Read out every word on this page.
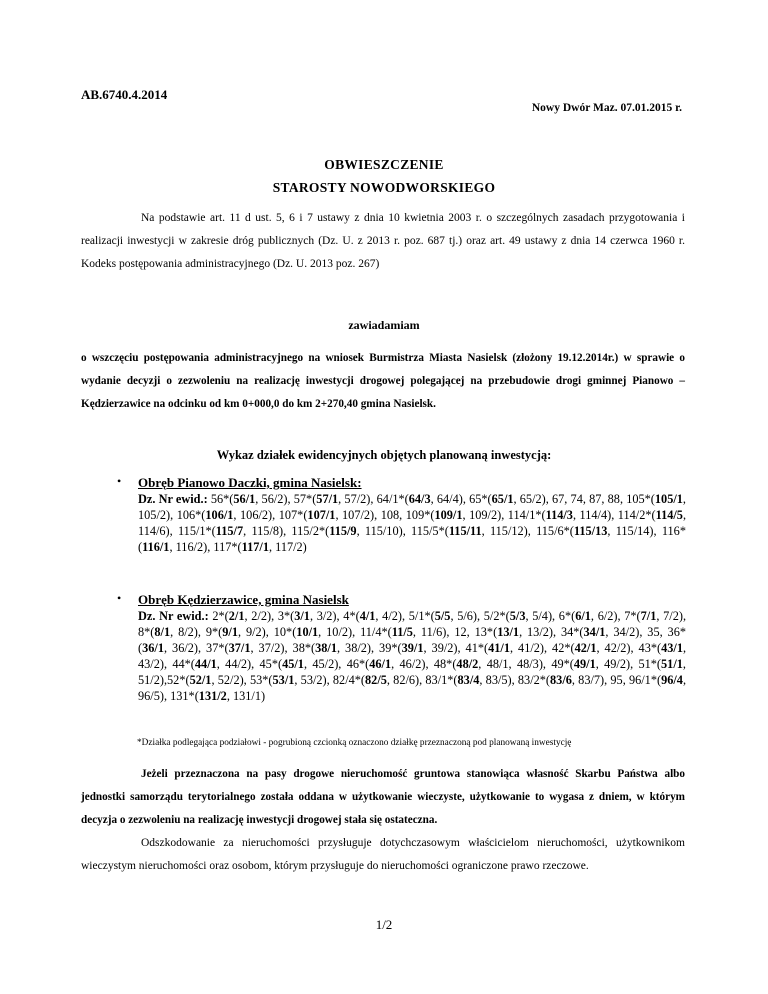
AB.6740.4.2014
Nowy Dwór Maz. 07.01.2015 r.
OBWIESZCZENIE
STAROSTY NOWODWORSKIEGO
Na podstawie art. 11 d ust. 5, 6 i 7 ustawy z dnia 10 kwietnia 2003 r. o szczególnych zasadach przygotowania i realizacji inwestycji w zakresie dróg publicznych (Dz. U. z 2013 r. poz. 687 tj.) oraz art. 49 ustawy z dnia 14 czerwca 1960 r. Kodeks postępowania administracyjnego (Dz. U. 2013 poz. 267)
zawiadamiam
o wszczęciu postępowania administracyjnego na wniosek Burmistrza Miasta Nasielsk (złożony 19.12.2014r.) w sprawie o wydanie decyzji o zezwoleniu na realizację inwestycji drogowej polegającej na przebudowie drogi gminnej Pianowo – Kędzierzawice na odcinku od km 0+000,0 do km 2+270,40 gmina Nasielsk.
Wykaz działek ewidencyjnych objętych planowaną inwestycją:
• Obręb Pianowo Daczki, gmina Nasielsk:
Dz. Nr ewid.: 56*(56/1, 56/2), 57*(57/1, 57/2), 64/1*(64/3, 64/4), 65*(65/1, 65/2), 67, 74, 87, 88, 105*(105/1, 105/2), 106*(106/1, 106/2), 107*(107/1, 107/2), 108, 109*(109/1, 109/2), 114/1*(114/3, 114/4), 114/2*(114/5, 114/6), 115/1*(115/7, 115/8), 115/2*(115/9, 115/10), 115/5*(115/11, 115/12), 115/6*(115/13, 115/14), 116*(116/1, 116/2), 117*(117/1, 117/2)
• Obręb Kędzierzawice, gmina Nasielsk
Dz. Nr ewid.: 2*(2/1, 2/2), 3*(3/1, 3/2), 4*(4/1, 4/2), 5/1*(5/5, 5/6), 5/2*(5/3, 5/4), 6*(6/1, 6/2), 7*(7/1, 7/2), 8*(8/1, 8/2), 9*(9/1, 9/2), 10*(10/1, 10/2), 11/4*(11/5, 11/6), 12, 13*(13/1, 13/2), 34*(34/1, 34/2), 35, 36*(36/1, 36/2), 37*(37/1, 37/2), 38*(38/1, 38/2), 39*(39/1, 39/2), 41*(41/1, 41/2), 42*(42/1, 42/2), 43*(43/1, 43/2), 44*(44/1, 44/2), 45*(45/1, 45/2), 46*(46/1, 46/2), 48*(48/2, 48/1, 48/3), 49*(49/1, 49/2), 51*(51/1, 51/2),52*(52/1, 52/2), 53*(53/1, 53/2), 82/4*(82/5, 82/6), 83/1*(83/4, 83/5), 83/2*(83/6, 83/7), 95, 96/1*(96/4, 96/5), 131*(131/2, 131/1)
*Działka podlegająca podziałowi - pogrubioną czcionką oznaczono działkę przeznaczoną pod planowaną inwestycję
Jeżeli przeznaczona na pasy drogowe nieruchomość gruntowa stanowiąca własność Skarbu Państwa albo jednostki samorządu terytorialnego została oddana w użytkowanie wieczyste, użytkowanie to wygasa z dniem, w którym decyzja o zezwoleniu na realizację inwestycji drogowej stała się ostateczna.
Odszkodowanie za nieruchomości przysługuje dotychczasowym właścicielom nieruchomości, użytkownikom wieczystym nieruchomości oraz osobom, którym przysługuje do nieruchomości ograniczone prawo rzeczowe.
1/2
